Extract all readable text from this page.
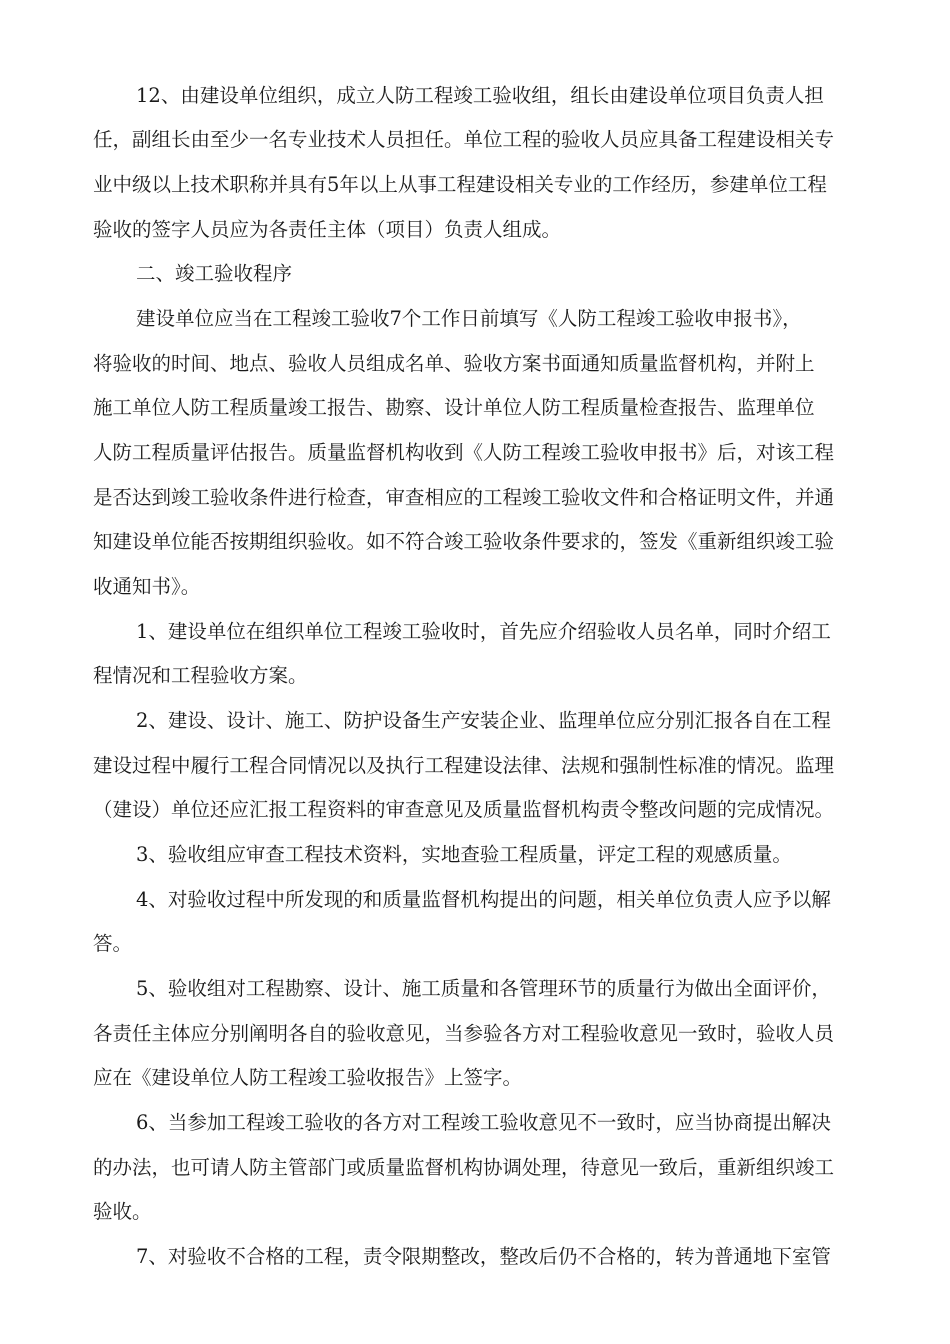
12、由建设单位组织，成立人防工程竣工验收组，组长由建设单位项目负责人担
任，副组长由至少一名专业技术人员担任。单位工程的验收人员应具备工程建设相关专
业中级以上技术职称并具有5年以上从事工程建设相关专业的工作经历，参建单位工程
验收的签字人员应为各责任主体（项目）负责人组成。
二、竣工验收程序
建设单位应当在工程竣工验收7个工作日前填写《人防工程竣工验收申报书》，
将验收的时间、地点、验收人员组成名单、验收方案书面通知质量监督机构，并附上
施工单位人防工程质量竣工报告、勘察、设计单位人防工程质量检查报告、监理单位
人防工程质量评估报告。质量监督机构收到《人防工程竣工验收申报书》后，对该工程
是否达到竣工验收条件进行检查，审查相应的工程竣工验收文件和合格证明文件，并通
知建设单位能否按期组织验收。如不符合竣工验收条件要求的，签发《重新组织竣工验
收通知书》。
1、建设单位在组织单位工程竣工验收时，首先应介绍验收人员名单，同时介绍工
程情况和工程验收方案。
2、建设、设计、施工、防护设备生产安装企业、监理单位应分别汇报各自在工程
建设过程中履行工程合同情况以及执行工程建设法律、法规和强制性标准的情况。监理
（建设）单位还应汇报工程资料的审查意见及质量监督机构责令整改问题的完成情况。
3、验收组应审查工程技术资料，实地查验工程质量，评定工程的观感质量。
4、对验收过程中所发现的和质量监督机构提出的问题，相关单位负责人应予以解
答。
5、验收组对工程勘察、设计、施工质量和各管理环节的质量行为做出全面评价，
各责任主体应分别阐明各自的验收意见，当参验各方对工程验收意见一致时，验收人员
应在《建设单位人防工程竣工验收报告》上签字。
6、当参加工程竣工验收的各方对工程竣工验收意见不一致时，应当协商提出解决
的办法，也可请人防主管部门或质量监督机构协调处理，待意见一致后，重新组织竣工
验收。
7、对验收不合格的工程，责令限期整改，整改后仍不合格的，转为普通地下室管
